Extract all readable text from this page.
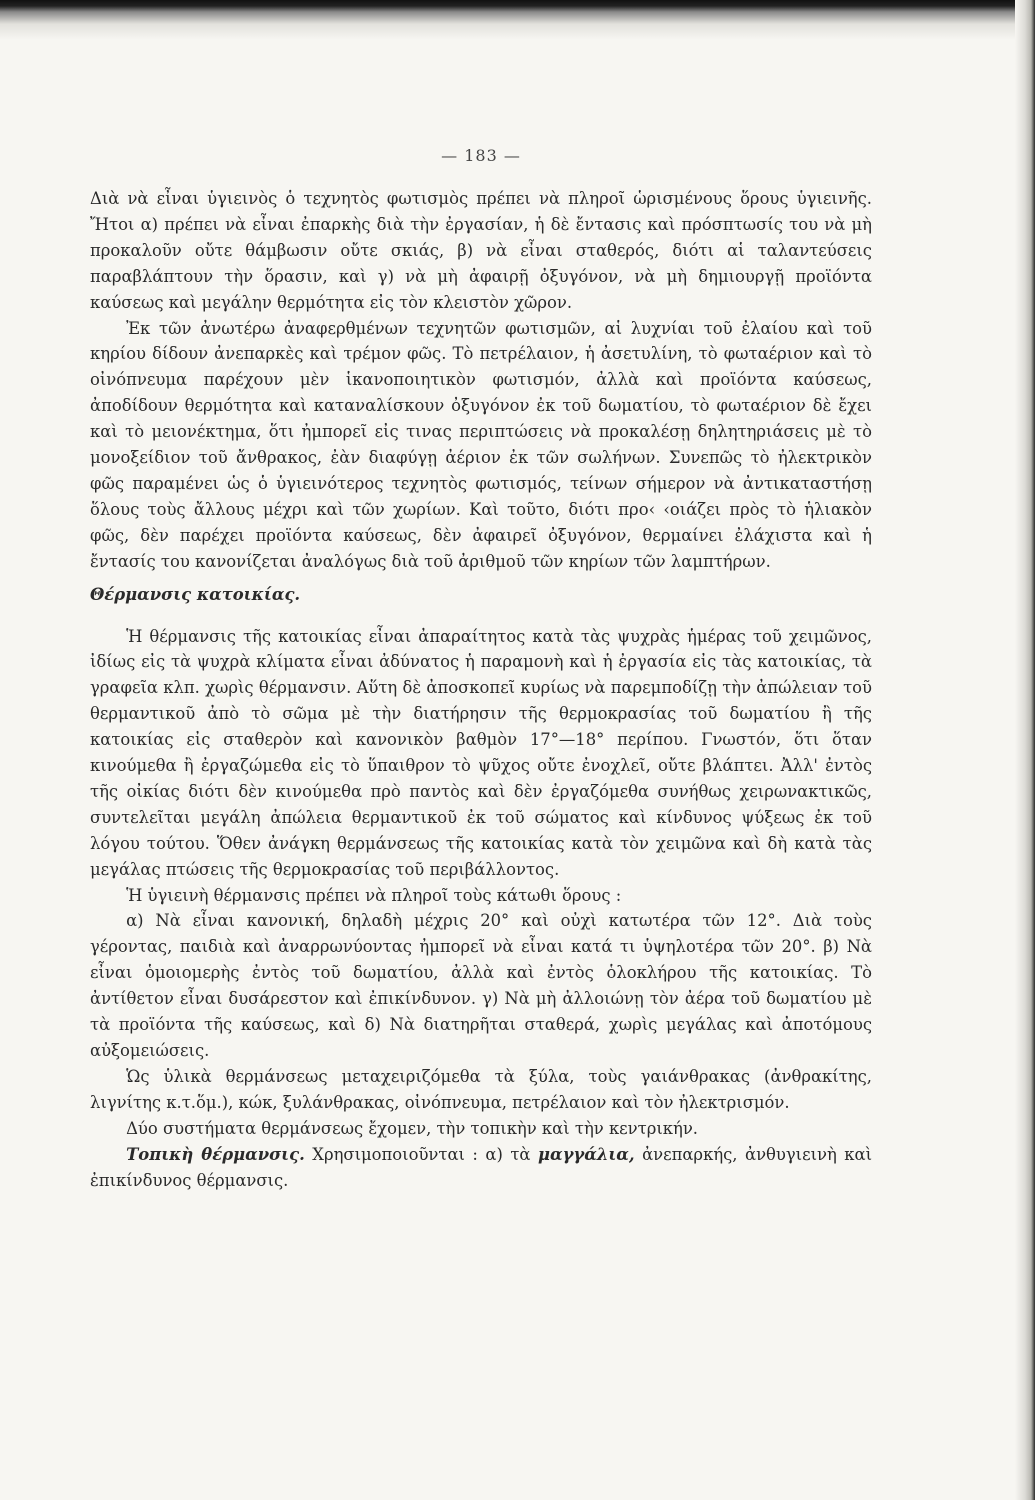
— 183 —

Διὰ νὰ εἶναι ὑγιεινὸς ὁ τεχνητὸς φωτισμὸς πρέπει νὰ πληροῖ ὡρισμένους ὅρους ὑγιεινῆς. Ἤτοι α) πρέπει νὰ εἶναι ἐπαρκὴς διὰ τὴν ἐργασίαν, ἡ δὲ ἔντασις καὶ πρόσπτωσίς του νὰ μὴ προκαλοῦν οὔτε θάμβωσιν οὔτε σκιάς, β) νὰ εἶναι σταθερός, διότι αἱ ταλαντεύσεις παραβλάπτουν τὴν ὅρασιν, καὶ γ) νὰ μὴ ἀφαιρῇ ὀξυγόνον, νὰ μὴ δημιουργῇ προϊόντα καύσεως καὶ μεγάλην θερμότητα εἰς τὸν κλειστὸν χῶρον.

Ἐκ τῶν ἀνωτέρω ἀναφερθμένων τεχνητῶν φωτισμῶν, αἱ λυχνίαι τοῦ ἐλαίου καὶ τοῦ κηρίου δίδουν ἀνεπαρκὲς καὶ τρέμον φῶς. Τὸ πετρέλαιον, ἡ ἀσετυλίνη, τὸ φωταέριον καὶ τὸ οἰνόπνευμα παρέχουν μὲν ἱκανοποιητικὸν φωτισμόν, ἀλλὰ καὶ προϊόντα καύσεως, ἀποδίδουν θερμότητα καὶ καταναλίσκουν ὀξυγόνον ἐκ τοῦ δωματίου, τὸ φωταέριον δὲ ἔχει καὶ τὸ μειονέκτημα, ὅτι ἠμπορεῖ εἰς τινας περιπτώσεις νὰ προκαλέσῃ δηλητηριάσεις μὲ τὸ μονοξείδιον τοῦ ἄνθρακος, ἐὰν διαφύγῃ ἀέριον ἐκ τῶν σωλήνων. Συνεπῶς τὸ ἠλεκτρικὸν φῶς παραμένει ὡς ὁ ὑγιεινότερος τεχνητὸς φωτισμός, τείνων σήμερον νὰ ἀντικαταστήσῃ ὅλους τοὺς ἄλλους μέχρι καὶ τῶν χωρίων. Καὶ τοῦτο, διότι προ‹ ‹οιάζει πρὸς τὸ ἡλιακὸν φῶς, δὲν παρέχει προϊόντα καύσεως, δὲν ἀφαιρεῖ ὀξυγόνον, θερμαίνει ἐλάχιστα καὶ ἡ ἔντασίς του κανονίζεται ἀναλόγως διὰ τοῦ ἀριθμοῦ τῶν κηρίων τῶν λαμπτήρων.

Θέρμανσις κατοικίας.

Ἡ θέρμανσις τῆς κατοικίας εἶναι ἀπαραίτητος κατὰ τὰς ψυχρὰς ἡμέρας τοῦ χειμῶνος, ἰδίως εἰς τὰ ψυχρὰ κλίματα εἶναι ἀδύνατος ἡ παραμονὴ καὶ ἡ ἐργασία εἰς τὰς κατοικίας, τὰ γραφεῖα κλπ. χωρὶς θέρμανσιν. Αὕτη δὲ ἀποσκοπεῖ κυρίως νὰ παρεμποδίζῃ τὴν ἀπώλειαν τοῦ θερμαντικοῦ ἀπὸ τὸ σῶμα μὲ τὴν διατήρησιν τῆς θερμοκρασίας τοῦ δωματίου ἢ τῆς κατοικίας εἰς σταθερὸν καὶ κανονικὸν βαθμὸν 17°—18° περίπου. Γνωστόν, ὅτι ὅταν κινούμεθα ἢ ἐργαζώμεθα εἰς τὸ ὕπαιθρον τὸ ψῦχος οὔτε ἐνοχλεῖ, οὔτε βλάπτει. Ἀλλ' ἐντὸς τῆς οἰκίας διότι δὲν κινούμεθα πρὸ παντὸς καὶ δὲν ἐργαζόμεθα συνήθως χειρωνακτικῶς, συντελεῖται μεγάλη ἀπώλεια θερμαντικοῦ ἐκ τοῦ σώματος καὶ κίνδυνος ψύξεως ἐκ τοῦ λόγου τούτου. Ὅθεν ἀνάγκη θερμάνσεως τῆς κατοικίας κατὰ τὸν χειμῶνα καὶ δὴ κατὰ τὰς μεγάλας πτώσεις τῆς θερμοκρασίας τοῦ περιβάλλοντος.

Ἡ ὑγιεινὴ θέρμανσις πρέπει νὰ πληροῖ τοὺς κάτωθι ὅρους :

α) Νὰ εἶναι κανονική, δηλαδὴ μέχρις 20° καὶ οὐχὶ κατωτέρα τῶν 12°. Διὰ τοὺς γέροντας, παιδιὰ καὶ ἀναρρωνύοντας ἠμπορεῖ νὰ εἶναι κατά τι ὑψηλοτέρα τῶν 20°. β) Νὰ εἶναι ὁμοιομερὴς ἐντὸς τοῦ δωματίου, ἀλλὰ καὶ ἐντὸς ὁλοκλήρου τῆς κατοικίας. Τὸ ἀντίθετον εἶναι δυσάρεστον καὶ ἐπικίνδυνον. γ) Νὰ μὴ ἀλλοιώνῃ τὸν ἀέρα τοῦ δωματίου μὲ τὰ προϊόντα τῆς καύσεως, καὶ δ) Νὰ διατηρῆται σταθερά, χωρὶς μεγάλας καὶ ἀποτόμους αὐξομειώσεις.

Ὡς ὑλικὰ θερμάνσεως μεταχειριζόμεθα τὰ ξύλα, τοὺς γαιάνθρακας (ἀνθρακίτης, λιγνίτης κ.τ.ὅμ.), κώκ, ξυλάνθρακας, οἰνόπνευμα, πετρέλαιον καὶ τὸν ἠλεκτρισμόν.

Δύο συστήματα θερμάνσεως ἔχομεν, τὴν τοπικὴν καὶ τὴν κεντρικήν.

Τοπικὴ θέρμανσις. Χρησιμοποιοῦνται : α) τὰ μαγγάλια, ἀνεπαρκής, ἀνθυγιεινὴ καὶ ἐπικίνδυνος θέρμανσις.
